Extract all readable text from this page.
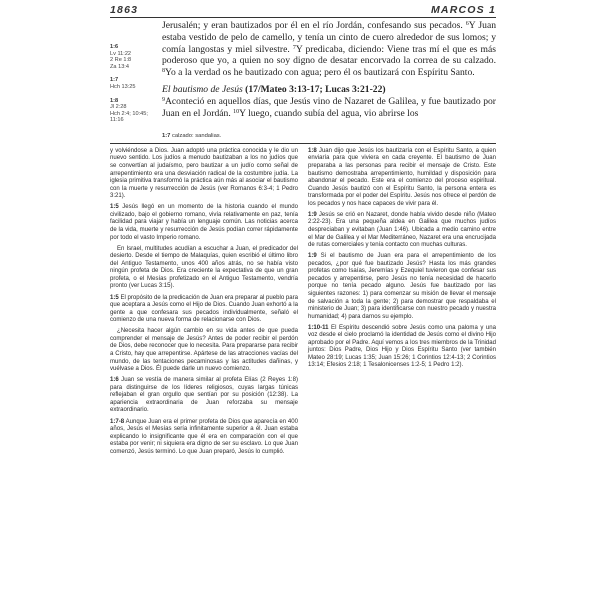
1863	MARCOS 1
1:6
Lv 11:22
2 Re 1:8
Za 13:4
1:7
Hch 13:25
1:8
Jl 2:28
Hch 2:4; 10:45;
11:16

Jerusalén; y eran bautizados por él en el río Jordán, confesando sus pecados. $^6$Y Juan estaba vestido de pelo de camello, y tenía un cinto de cuero alrededor de sus lomos; y comía langostas y miel silvestre. $^7$Y predicaba, diciendo: Viene tras mí el que es más poderoso que yo, a quien no soy digno de desatar encorvado la correa de su calzado. $^8$Yo a la verdad os he bautizado con agua; pero él os bautizará con Espíritu Santo.

El bautismo de Jesús (17/Mateo 3:13-17; Lucas 3:21-22)

$^9$Aconteció en aquellos días, que Jesús vino de Nazaret de Galilea, y fue bautizado por Juan en el Jordán. $^{10}$Y luego, cuando subía del agua, vio abrirse los

1:7 calzado: sandalias.

y volviéndose a Dios. Juan adoptó una práctica conocida y le dio un nuevo sentido. Los judíos a menudo bautizaban a los no judíos que se convertían al judaísmo, pero bautizar a un judío como señal de arrepentimiento era una desviación radical de la costumbre judía. La iglesia primitiva transformó la práctica aún más al asociar el bautismo con la muerte y resurrección de Jesús (ver Romanos 6:3-4; 1 Pedro 3:21).

1:5 Jesús llegó en un momento de la historia cuando el mundo civilizado, bajo el gobierno romano, vivía relativamente en paz, tenía facilidad para viajar y había un lenguaje común. Las noticias acerca de la vida, muerte y resurrección de Jesús podían correr rápidamente por todo el vasto Imperio romano.

En Israel, multitudes acudían a escuchar a Juan, el predicador del desierto. Desde el tiempo de Malaquías, quien escribió el último libro del Antiguo Testamento, unos 400 años atrás, no se había visto ningún profeta de Dios. Era creciente la expectativa de que un gran profeta, o el Mesías profetizado en el Antiguo Testamento, vendría pronto (ver Lucas 3:15).

1:5 El propósito de la predicación de Juan era preparar al pueblo para que aceptara a Jesús como el Hijo de Dios. Cuando Juan exhortó a la gente a que confesara sus pecados individualmente, señaló el comienzo de una nueva forma de relacionarse con Dios.

¿Necesita hacer algún cambio en su vida antes de que pueda comprender el mensaje de Jesús? Antes de poder recibir el perdón de Dios, debe reconocer que lo necesita. Para prepararse para recibir a Cristo, hay que arrepentirse. Apártese de las atracciones vacías del mundo, de las tentaciones pecaminosas y las actitudes dañinas, y vuélvase a Dios. Él puede darle un nuevo comienzo.

1:6 Juan se vestía de manera similar al profeta Elías (2 Reyes 1:8) para distinguirse de los líderes religiosos, cuyas largas túnicas reflejaban el gran orgullo que sentían por su posición (12:38). La apariencia extraordinaria de Juan reforzaba su mensaje extraordinario.

1:7-8 Aunque Juan era el primer profeta de Dios que aparecía en 400 años, Jesús el Mesías sería infinitamente superior a él. Juan estaba explicando lo insignificante que él era en comparación con el que estaba por venir; ni siquiera era digno de ser su esclavo. Lo que Juan comenzó, Jesús terminó. Lo que Juan preparó, Jesús lo cumplió.

1:8 Juan dijo que Jesús los bautizaría con el Espíritu Santo, a quien enviaría para que viviera en cada creyente. El bautismo de Juan preparaba a las personas para recibir el mensaje de Cristo. Este bautismo demostraba arrepentimiento, humildad y disposición para abandonar el pecado. Este era el comienzo del proceso espiritual. Cuando Jesús bautizó con el Espíritu Santo, la persona entera es transformada por el poder del Espíritu. Jesús nos ofrece el perdón de los pecados y nos hace capaces de vivir para él.

1:9 Jesús se crió en Nazaret, donde había vivido desde niño (Mateo 2:22-23). Era una pequeña aldea en Galilea que muchos judíos despreciaban y evitaban (Juan 1:46). Ubicada a medio camino entre el Mar de Galilea y el Mar Mediterráneo, Nazaret era una encrucijada de rutas comerciales y tenía contacto con muchas culturas.

1:9 Si el bautismo de Juan era para el arrepentimiento de los pecados, ¿por qué fue bautizado Jesús? Hasta los más grandes profetas como Isaías, Jeremías y Ezequiel tuvieron que confesar sus pecados y arrepentirse, pero Jesús no tenía necesidad de hacerlo porque no tenía pecado alguno. Jesús fue bautizado por las siguientes razones: 1) para comenzar su misión de llevar el mensaje de salvación a toda la gente; 2) para demostrar que respaldaba el ministerio de Juan; 3) para identificarse con nuestro pecado y nuestra humanidad; 4) para darnos su ejemplo.

1:10-11 El Espíritu descendió sobre Jesús como una paloma y una voz desde el cielo proclamó la identidad de Jesús como el divino Hijo aprobado por el Padre. Aquí vemos a los tres miembros de la Trinidad juntos: Dios Padre, Dios Hijo y Dios Espíritu Santo (ver también Mateo 28:19; Lucas 1:35; Juan 15:26; 1 Corintios 12:4-13; 2 Corintios 13:14; Efesios 2:18; 1 Tesalonicenses 1:2-5; 1 Pedro 1:2).
